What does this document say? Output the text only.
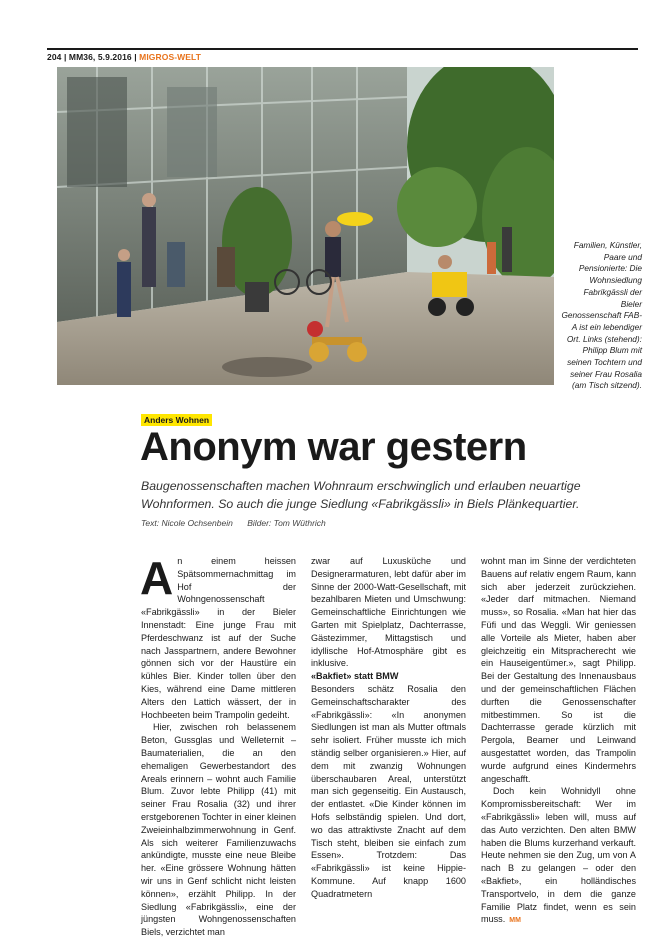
204 | MM36, 5.9.2016 | MIGROS-WELT
Familien, Künstler, Paare und Pensionierte: Die Wohnsiedlung Fabrikgässli der Bieler Genossenschaft FAB-A ist ein lebendiger Ort. Links (stehend): Philipp Blum mit seinen Tochtern und seiner Frau Rosalia (am Tisch sitzend).
Anders Wohnen
Anonym war gestern

Baugenossenschaften machen Wohnraum erschwinglich und erlauben neuartige Wohnformen. So auch die junge Siedlung «Fabrikgässli» in Biels Plänkequartier.

Text: Nicole Ochsenbein Bilder: Tom Wüthrich
A n einem heissen Spätsommernachmittag im Hof der Wohngenossenschaft «Fabrikgässli» in der Bieler Innenstadt: Eine junge Frau mit Pferdeschwanz ist auf der Suche nach Jasspartnern, andere Bewohner gönnen sich vor der Haustüre ein kühles Bier. Kinder tollen über den Kies, während eine Dame mittleren Alters den Lattich wässert, der in Hochbeeten beim Trampolin gedeiht.

Hier, zwischen roh belassenem Beton, Gussglas und Welleternit – Baumaterialien, die an den ehemaligen Gewerbestandort des Areals erinnern – wohnt auch Familie Blum. Zuvor lebte Philipp (41) mit seiner Frau Rosalia (32) und ihrer erstgeborenen Tochter in einer kleinen Zweieinhalbzimmerwohnung in Genf. Als sich weiterer Familienzuwachs ankündigte, musste eine neue Bleibe her. «Eine grössere Wohnung hätten wir uns in Genf schlicht nicht leisten können», erzählt Philipp. In der Siedlung «Fabrikgässli», eine der jüngsten Wohngenossenschaften Biels, verzichtet man

zwar auf Luxusküche und Designerarmaturen, lebt dafür aber im Sinne der 2000-Watt-Gesellschaft, mit bezahlbaren Mieten und Umschwung: Gemeinschaftliche Einrichtungen wie Garten mit Spielplatz, Dachterrasse, Gästezimmer, Mittagstisch und idyllische Hof-Atmosphäre gibt es inklusive.

«Bakfiet» statt BMW

Besonders schätz Rosalia den Gemeinschaftscharakter des «Fabrikgässli»: «In anonymen Siedlungen ist man als Mutter oftmals sehr isoliert. Früher musste ich mich ständig selber organisieren.» Hier, auf dem mit zwanzig Wohnungen überschaubaren Areal, unterstützt man sich gegenseitig. Ein Austausch, der entlastet. «Die Kinder können im Hofs selbständig spielen. Und dort, wo das attraktivste Znacht auf dem Tisch steht, bleiben sie einfach zum Essen». Trotzdem: Das «Fabrikgässli» ist keine Hippie-Kommune. Auf knapp 1600 Quadratmetern

wohnt man im Sinne der verdichteten Bauens auf relativ engem Raum, kann sich aber jederzeit zurückziehen. «Jeder darf mitmachen. Niemand muss», so Rosalia. «Man hat hier das Füfi und das Weggli. Wir geniessen alle Vorteile als Mieter, haben aber gleichzeitig ein Mitspracherecht wie ein Hauseigentümer.», sagt Philipp. Bei der Gestaltung des Innenausbaus und der gemeinschaftlichen Flächen durften die Genossenschafter mitbestimmen. So ist die Dachterrasse gerade kürzlich mit Pergola, Beamer und Leinwand ausgestattet worden, das Trampolin wurde aufgrund eines Kindermehrs angeschafft.

Doch kein Wohnidyll ohne Kompromissbereitschaft: Wer im «Fabrikgässli» leben will, muss auf das Auto verzichten. Den alten BMW haben die Blums kurzerhand verkauft. Heute nehmen sie den Zug, um von A nach B zu gelangen – oder den «Bakfiet», ein holländisches Transportvelo, in dem die ganze Familie Platz findet, wenn es sein muss. MM
